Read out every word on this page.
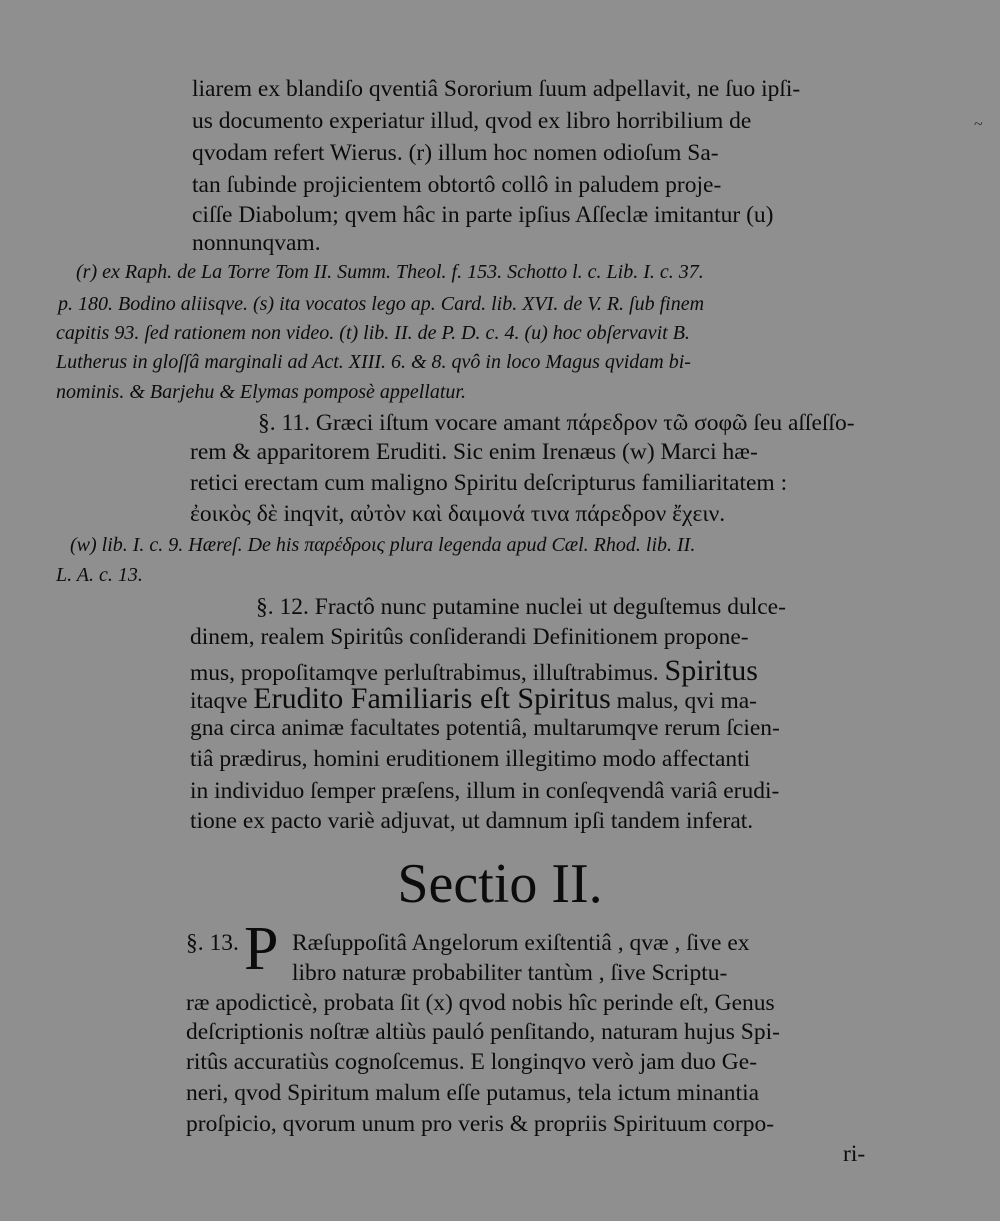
liarem ex blandiſo qventiâ Sororium ſuum adpellavit, ne ſuo ipſi-
us documento experiatur illud, qvod ex libro horribilium de
qvodam refert Wierus. (r) illum hoc nomen odioſum Sa-
tan ſubinde projicientem obtortô collô in paludem proje-
ciſſe Diabolum; qvem hâc in parte ipſius Aſſeclæ imitantur (u)
nonnunqvam.
~
(r) ex Raph. de La Torre Tom II. Summ. Theol. f. 153. Schotto l. c. Lib. I. c. 37.
p. 180. Bodino aliisqve. (s) ita vocatos lego ap. Card. lib. XVI. de V. R. ſub finem
capitis 93. ſed rationem non video. (t) lib. II. de P. D. c. 4. (u) hoc obſervavit B.
Lutherus in gloſſâ marginali ad Act. XIII. 6. & 8. qvô in loco Magus qvidam bi-
nominis. & Barjehu & Elymas pomposè appellatur.
§. 11. Græci iſtum vocare amant πάρεδρον τῶ σοφῶ ſeu aſſeſſo-
rem & apparitorem Eruditi. Sic enim Irenæus (w) Marci hæ-
retici erectam cum maligno Spiritu deſcripturus familiaritatem :
ἐοικὸς δὲ inqvit, αὐτὸν καὶ δαιμονά τινα πάρεδρον ἔχειν.
(w) lib. I. c. 9. Hæreſ. De his παρέδροις plura legenda apud Cæl. Rhod. lib. II.
L. A. c. 13.
§. 12. Fractô nunc putamine nuclei ut deguſtemus dulce-
dinem, realem Spiritûs conſiderandi Definitionem propone-
mus, propoſitamqve perluſtrabimus, illuſtrabimus. Spiritus
itaqve Erudito Familiaris eſt Spiritus malus, qvi ma-
gna circa animæ facultates potentiâ, multarumqve rerum ſcien-
tiâ prædirus, homini eruditionem illegitimo modo affectanti
in individuo ſemper præſens, illum in conſeqvendâ variâ erudi-
tione ex pacto variè adjuvat, ut damnum ipſi tandem inferat.
Sectio II.
§. 13. P Ræſuppoſitâ Angelorum exiſtentiâ , qvæ , ſive ex
libro naturæ probabiliter tantùm , ſive Scriptu-
ræ apodicticè, probata ſit (x) qvod nobis hîc perinde eſt, Genus
deſcriptionis noſtræ altiùs pauló penſitando, naturam hujus Spi-
ritûs accuratiùs cognoſcemus. E longinqvo verò jam duo Ge-
neri, qvod Spiritum malum eſſe putamus, tela ictum minantia
proſpicio, qvorum unum pro veris & propriis Spirituum corpo-
ri-
